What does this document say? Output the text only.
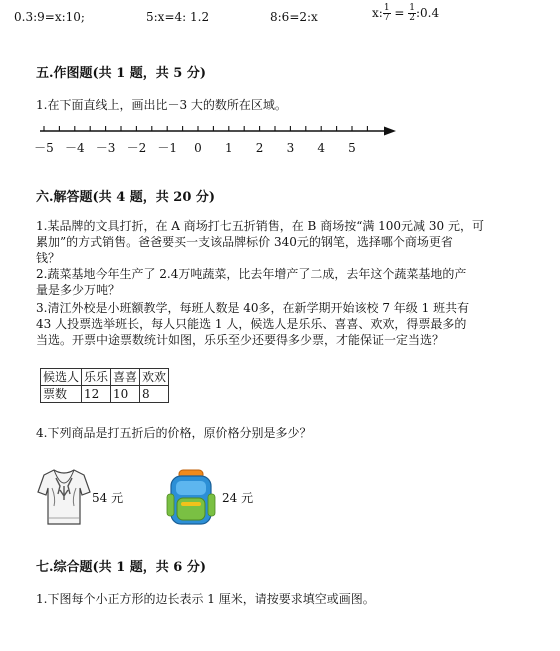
0.3:9=x:10;	5:x=4: 1.2	8:6=2:x	x: $\frac{1}{7} = \frac{1}{2}$ :0.4
五.作图题(共 1 题，共 5 分)
1.在下面直线上，画出比－3 大的数所在区域。
－5 －4 －3 －2 －1 0 1 2 3 4 5
六.解答题(共 4 题，共 20 分)
1.某品牌的文具打折，在 A 商场打七五折销售，在 B 商场按“满 100元减 30 元，可
累加”的方式销售。爸爸要买一支该品牌标价 340元的钢笔，选择哪个商场更省
钱？
2.蔬菜基地今年生产了 2.4万吨蔬菜，比去年增产了二成，去年这个蔬菜基地的产
量是多少万吨？
3.清江外校是小班额教学，每班人数是 40多，在新学期开始该校 7 年级 1 班共有
43 人投票选举班长，每人只能选 1 人，候选人是乐乐、喜喜、欢欢，得票最多的
当选。开票中途票数统计如图，乐乐至少还要得多少票，才能保证一定当选？
候选人	乐乐	喜喜	欢欢
票数	12	10	8
4.下列商品是打五折后的价格，原价格分别是多少？
54 元	24 元
七.综合题(共 1 题，共 6 分)
1.下图每个小正方形的边长表示 1 厘米，请按要求填空或画图。
